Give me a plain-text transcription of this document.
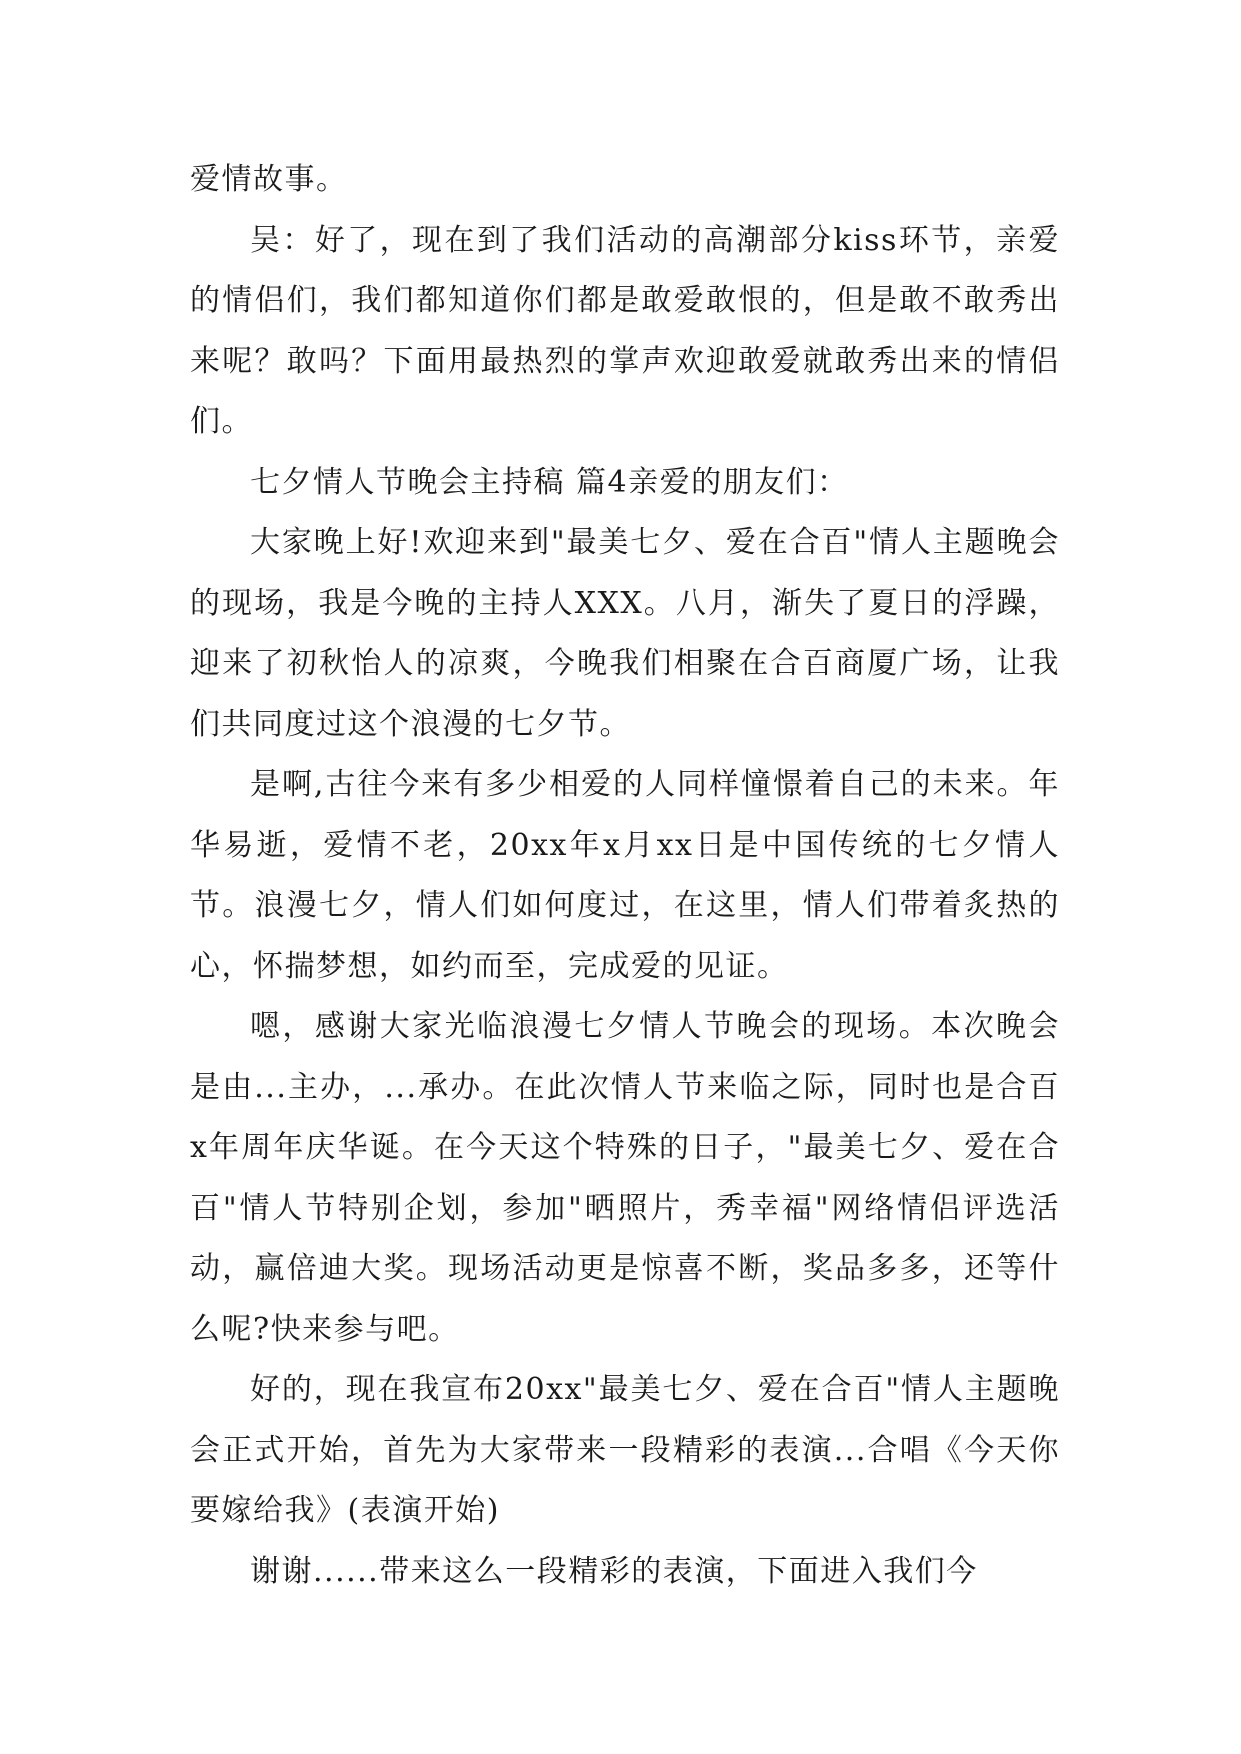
爱情故事。

吴：好了，现在到了我们活动的高潮部分kiss环节，亲爱的情侣们，我们都知道你们都是敢爱敢恨的，但是敢不敢秀出来呢？敢吗？下面用最热烈的掌声欢迎敢爱就敢秀出来的情侣们。

七夕情人节晚会主持稿 篇4亲爱的朋友们：

大家晚上好!欢迎来到"最美七夕、爱在合百"情人主题晚会的现场，我是今晚的主持人XXX。八月，渐失了夏日的浮躁，迎来了初秋怡人的凉爽，今晚我们相聚在合百商厦广场，让我们共同度过这个浪漫的七夕节。

是啊,古往今来有多少相爱的人同样憧憬着自己的未来。年华易逝，爱情不老，20xx年x月xx日是中国传统的七夕情人节。浪漫七夕，情人们如何度过，在这里，情人们带着炙热的心，怀揣梦想，如约而至，完成爱的见证。

嗯，感谢大家光临浪漫七夕情人节晚会的现场。本次晚会是由...主办，...承办。在此次情人节来临之际，同时也是合百x年周年庆华诞。在今天这个特殊的日子，"最美七夕、爱在合百"情人节特别企划，参加"晒照片，秀幸福"网络情侣评选活动，赢倍迪大奖。现场活动更是惊喜不断，奖品多多，还等什么呢?快来参与吧。

好的，现在我宣布20xx"最美七夕、爱在合百"情人主题晚会正式开始，首先为大家带来一段精彩的表演...合唱《今天你要嫁给我》(表演开始)

谢谢......带来这么一段精彩的表演，下面进入我们今
